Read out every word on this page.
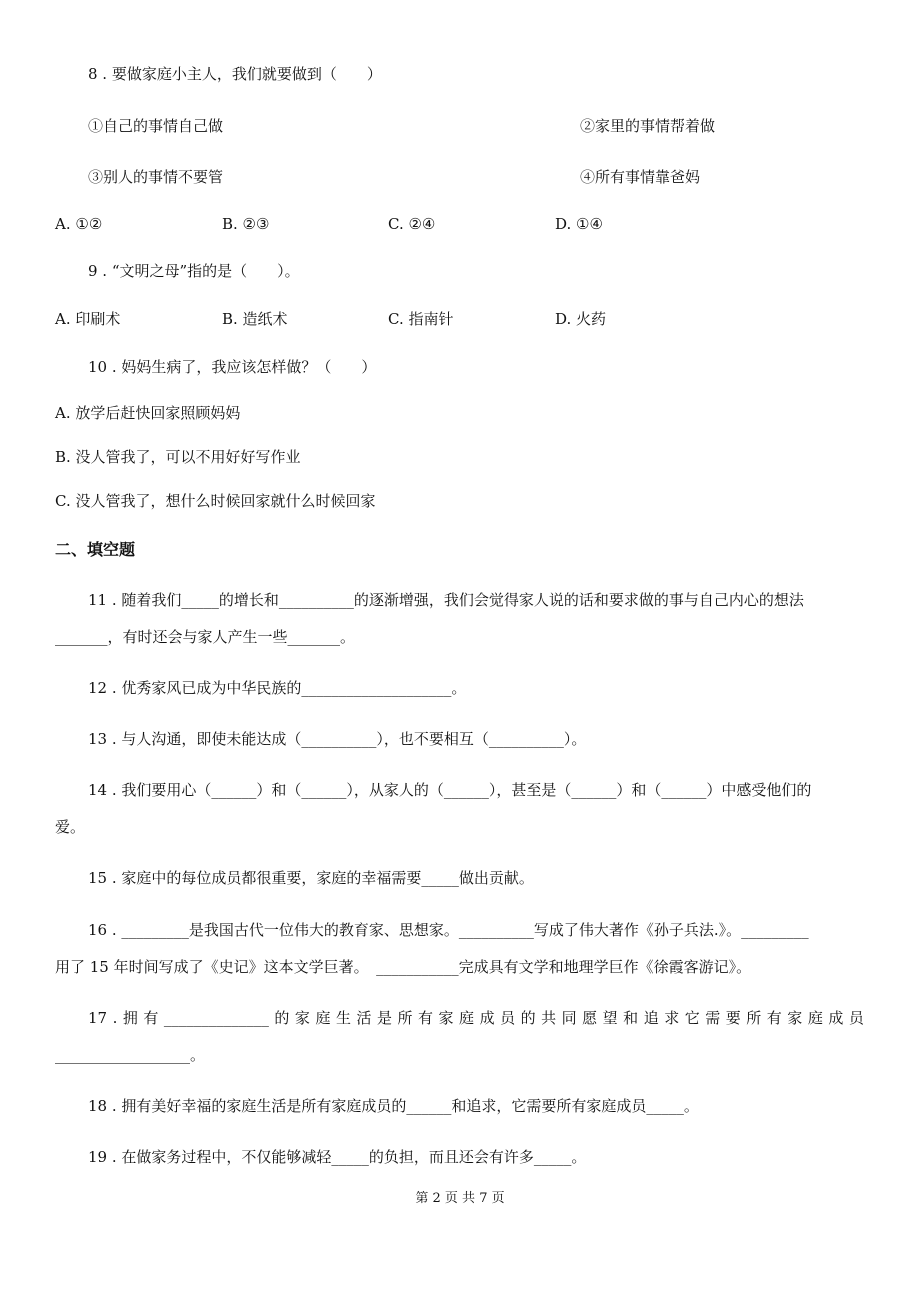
8 . 要做家庭小主人，我们就要做到（　　）
①自己的事情自己做	②家里的事情帮着做
③别人的事情不要管	④所有事情靠爸妈
A. ①②	B. ②③	C. ②④	D. ①④
9 . “文明之母”指的是（　　）。
A. 印刷术	B. 造纸术	C. 指南针	D. 火药
10 . 妈妈生病了，我应该怎样做？（　　）
A. 放学后赶快回家照顾妈妈
B. 没人管我了，可以不用好好写作业
C. 没人管我了，想什么时候回家就什么时候回家
二、填空题
11 . 随着我们_____的增长和__________的逐渐增强，我们会觉得家人说的话和要求做的事与自己内心的想法
_______，有时还会与家人产生一些_______。
12 . 优秀家风已成为中华民族的____________________。
13 . 与人沟通，即使未能达成（__________），也不要相互（__________）。
14 . 我们要用心（______）和（______），从家人的（______），甚至是（______）和（______）中感受他们的
爱。
15 . 家庭中的每位成员都很重要，家庭的幸福需要_____做出贡献。
16 . _________是我国古代一位伟大的教育家、思想家。__________写成了伟大著作《孙子兵法.》。_________
用了 15 年时间写成了《史记》这本文学巨著。　___________完成具有文学和地理学巨作《徐霞客游记》。
17 . 拥 有 ______________ 的 家 庭 生 活 是 所 有 家 庭 成 员 的 共 同 愿 望 和 追 求 它 需 要 所 有 家 庭 成 员
__________________。
18 . 拥有美好幸福的家庭生活是所有家庭成员的______和追求，它需要所有家庭成员_____。
19 . 在做家务过程中，不仅能够减轻_____的负担，而且还会有许多_____。
第 2 页 共 7 页
